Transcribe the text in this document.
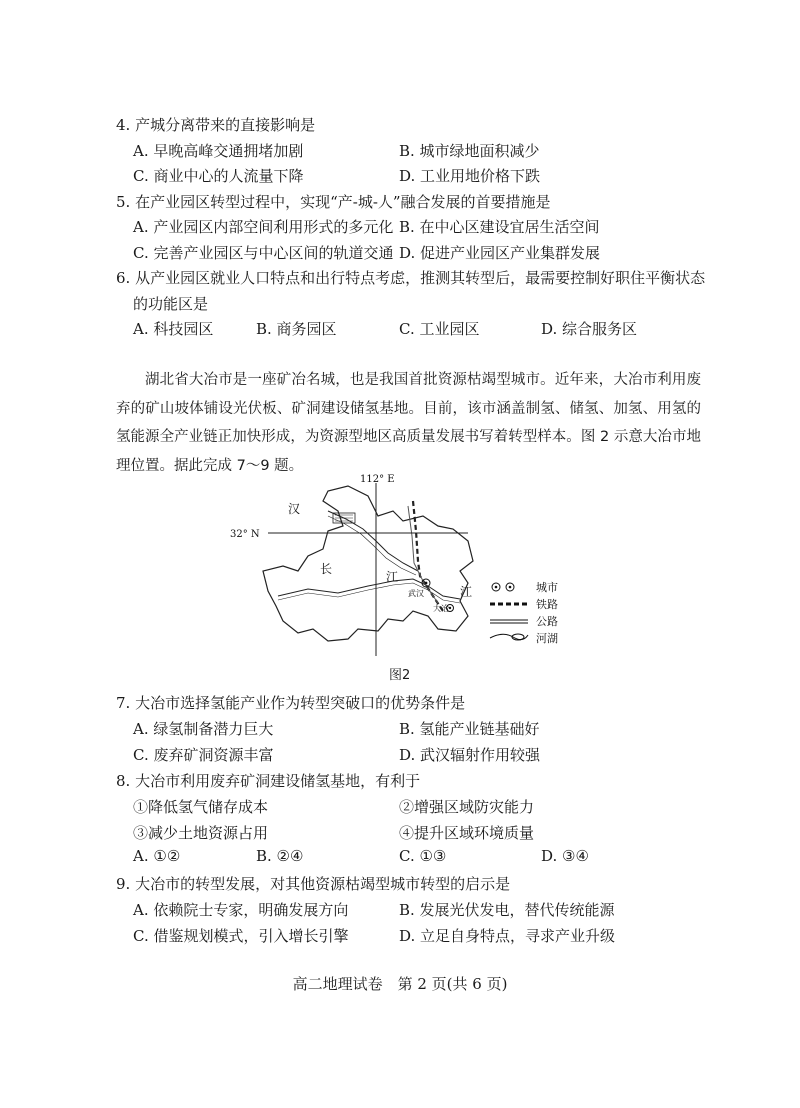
4. 产城分离带来的直接影响是
A. 早晚高峰交通拥堵加剧	B. 城市绿地面积减少
C. 商业中心的人流量下降	D. 工业用地价格下跌
5. 在产业园区转型过程中，实现“产-城-人”融合发展的首要措施是
A. 产业园区内部空间利用形式的多元化 B. 在中心区建设宜居生活空间
C. 完善产业园区与中心区间的轨道交通 D. 促进产业园区产业集群发展
6. 从产业园区就业人口特点和出行特点考虑，推测其转型后，最需要控制好职住平衡状态
的功能区是
A. 科技园区	B. 商务园区	C. 工业园区	D. 综合服务区
湖北省大冶市是一座矿冶名城，也是我国首批资源枯竭型城市。近年来，大冶市利用废弃的矿山坡体铺设光伏板、矿洞建设储氢基地。目前，该市涵盖制氢、储氢、加氢、用氢的氢能源全产业链正加快形成，为资源型地区高质量发展书写着转型样本。图 2 示意大冶市地理位置。据此完成 7～9 题。
112° E
32° N
汉
长
江
江
武汉
大冶
城市
铁路
公路
河湖
图2
7. 大冶市选择氢能产业作为转型突破口的优势条件是
A. 绿氢制备潜力巨大	B. 氢能产业链基础好
C. 废弃矿洞资源丰富	D. 武汉辐射作用较强
8. 大冶市利用废弃矿洞建设储氢基地，有利于
①降低氢气储存成本	②增强区域防灾能力
③减少土地资源占用	④提升区域环境质量
A. ①②	B. ②④	C. ①③	D. ③④
9. 大冶市的转型发展，对其他资源枯竭型城市转型的启示是
A. 依赖院士专家，明确发展方向	B. 发展光伏发电，替代传统能源
C. 借鉴规划模式，引入增长引擎	D. 立足自身特点，寻求产业升级
高二地理试卷　第 2 页(共 6 页)
